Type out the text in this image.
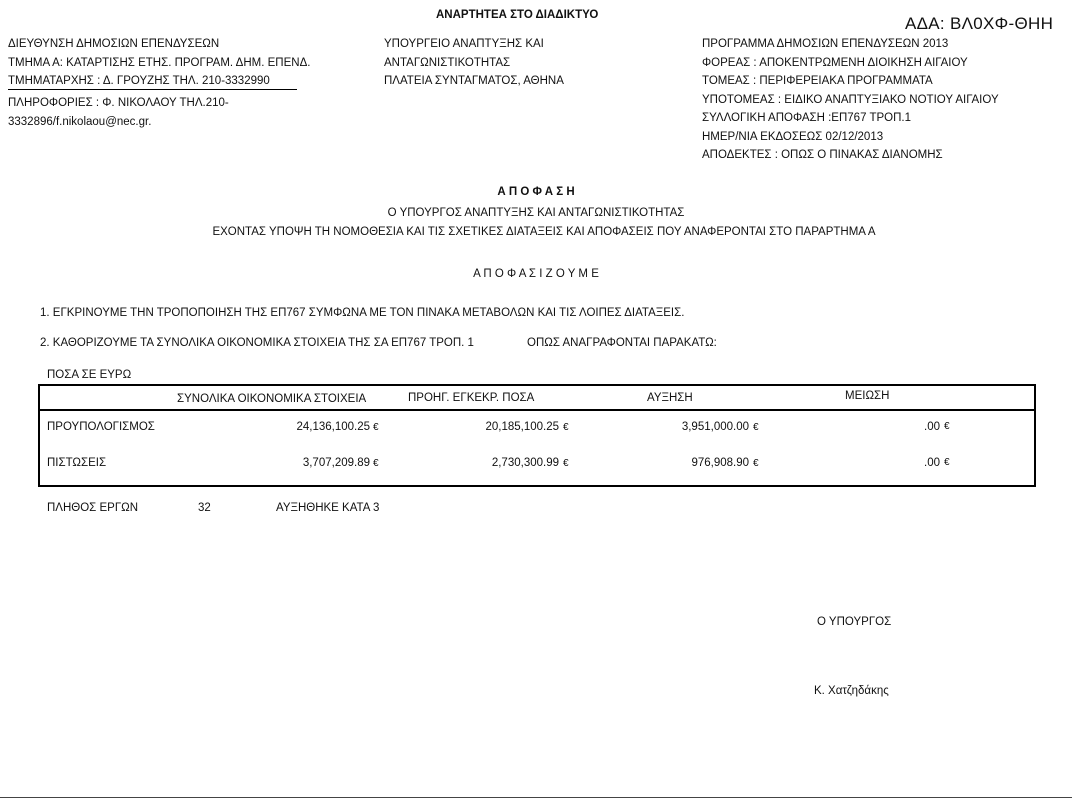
ΑΝΑΡΤΗΤΕΑ ΣΤΟ ΔΙΑΔΙΚΤΥΟ	ΑΔΑ: ΒΛ0ΧΦ-ΘΗΗ
ΔΙΕΥΘΥΝΣΗ ΔΗΜΟΣΙΩΝ ΕΠΕΝΔΥΣΕΩΝ
ΤΜΗΜΑ Α: ΚΑΤΑΡΤΙΣΗΣ ΕΤΗΣ. ΠΡΟΓΡΑΜ. ΔΗΜ. ΕΠΕΝΔ.
ΤΜΗΜΑΤΑΡΧΗΣ : Δ. ΓΡΟΥΖΗΣ ΤΗΛ. 210-3332990
ΠΛΗΡΟΦΟΡΙΕΣ : Φ. ΝΙΚΟΛΑΟΥ ΤΗΛ.210-
3332896/f.nikolaou@nec.gr.
ΥΠΟΥΡΓΕΙΟ ΑΝΑΠΤΥΞΗΣ ΚΑΙ
ΑΝΤΑΓΩΝΙΣΤΙΚΟΤΗΤΑΣ
ΠΛΑΤΕΙΑ ΣΥΝΤΑΓΜΑΤΟΣ, ΑΘΗΝΑ
ΠΡΟΓΡΑΜΜΑ ΔΗΜΟΣΙΩΝ ΕΠΕΝΔΥΣΕΩΝ 2013
ΦΟΡΕΑΣ : ΑΠΟΚΕΝΤΡΩΜΕΝΗ ΔΙΟΙΚΗΣΗ ΑΙΓΑΙΟΥ
ΤΟΜΕΑΣ : ΠΕΡΙΦΕΡΕΙΑΚΑ ΠΡΟΓΡΑΜΜΑΤΑ
ΥΠΟΤΟΜΕΑΣ : ΕΙΔΙΚΟ ΑΝΑΠΤΥΞΙΑΚΟ ΝΟΤΙΟΥ ΑΙΓΑΙΟΥ
ΣΥΛΛΟΓΙΚΗ ΑΠΟΦΑΣΗ :ΕΠ767 ΤΡΟΠ.1
ΗΜΕΡ/ΝΙΑ ΕΚΔΟΣΕΩΣ 02/12/2013
ΑΠΟΔΕΚΤΕΣ : ΟΠΩΣ Ο ΠΙΝΑΚΑΣ ΔΙΑΝΟΜΗΣ
Α Π Ο Φ Α Σ Η
Ο ΥΠΟΥΡΓΟΣ ΑΝΑΠΤΥΞΗΣ ΚΑΙ ΑΝΤΑΓΩΝΙΣΤΙΚΟΤΗΤΑΣ
ΕΧΟΝΤΑΣ ΥΠΟΨΗ ΤΗ ΝΟΜΟΘΕΣΙΑ ΚΑΙ ΤΙΣ ΣΧΕΤΙΚΕΣ ΔΙΑΤΑΞΕΙΣ ΚΑΙ ΑΠΟΦΑΣΕΙΣ ΠΟΥ ΑΝΑΦΕΡΟΝΤΑΙ ΣΤΟ ΠΑΡΑΡΤΗΜΑ Α
Α Π Ο Φ Α Σ Ι Ζ Ο Υ Μ Ε
1. ΕΓΚΡΙΝΟΥΜΕ ΤΗΝ ΤΡΟΠΟΠΟΙΗΣΗ ΤΗΣ ΕΠ767 ΣΥΜΦΩΝΑ ΜΕ ΤΟΝ ΠΙΝΑΚΑ ΜΕΤΑΒΟΛΩΝ ΚΑΙ ΤΙΣ ΛΟΙΠΕΣ ΔΙΑΤΑΞΕΙΣ.
2. ΚΑΘΟΡΙΖΟΥΜΕ ΤΑ ΣΥΝΟΛΙΚΑ ΟΙΚΟΝΟΜΙΚΑ ΣΤΟΙΧΕΙΑ ΤΗΣ ΣΑ ΕΠ767 ΤΡΟΠ. 1	ΟΠΩΣ ΑΝΑΓΡΑΦΟΝΤΑΙ ΠΑΡΑΚΑΤΩ:
ΠΟΣΑ ΣΕ ΕΥΡΩ
ΣΥΝΟΛΙΚΑ ΟΙΚΟΝΟΜΙΚΑ ΣΤΟΙΧΕΙΑ	ΠΡΟΗΓ. ΕΓΚΕΚΡ. ΠΟΣΑ	ΑΥΞΗΣΗ	ΜΕΙΩΣΗ
ΠΡΟΥΠΟΛΟΓΙΣΜΟΣ	24,136,100.25 €	20,185,100.25 €	3,951,000.00 €	.00 €
ΠΙΣΤΩΣΕΙΣ	3,707,209.89 €	2,730,300.99 €	976,908.90 €	.00 €
ΠΛΗΘΟΣ ΕΡΓΩΝ	32	ΑΥΞΗΘΗΚΕ ΚΑΤΑ 3
Ο ΥΠΟΥΡΓΟΣ
Κ. Χατζηδάκης
